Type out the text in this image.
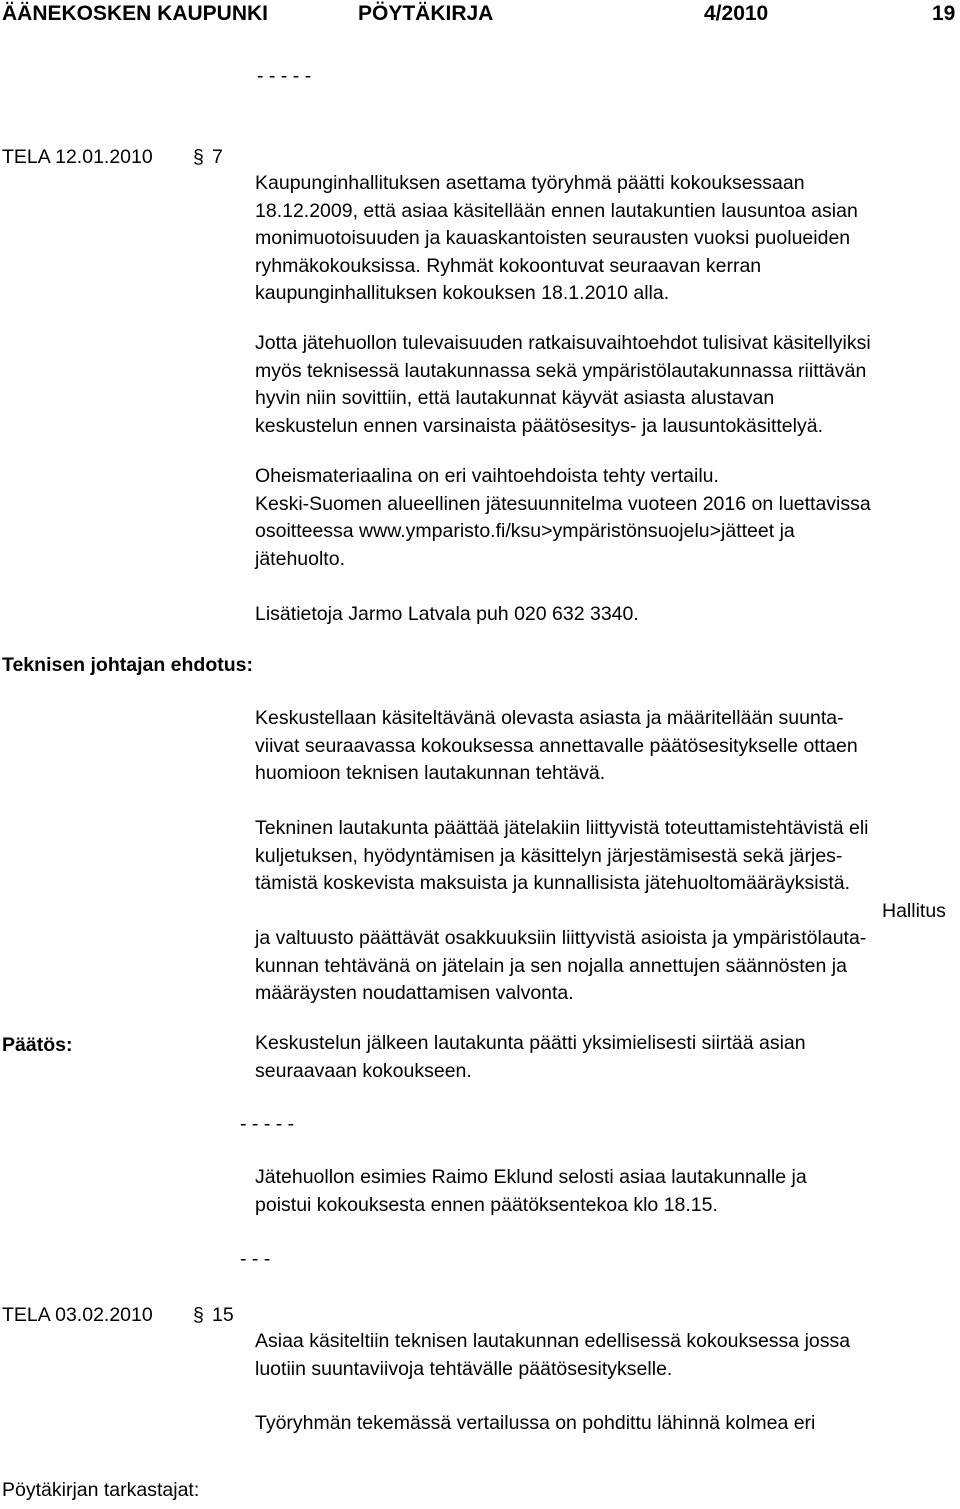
ÄÄNEKOSKEN KAUPUNKI	PÖYTÄKIRJA	4/2010	19
- - - - -
TELA 12.01.2010 § 7
Kaupunginhallituksen asettama työryhmä päätti kokouksessaan
18.12.2009, että asiaa käsitellään ennen lautakuntien lausuntoa asian
monimuotoisuuden ja kauaskantoisten seurausten vuoksi puolueiden
ryhmäkokouksissa. Ryhmät kokoontuvat seuraavan kerran
kaupunginhallituksen kokouksen 18.1.2010 alla.
Jotta jätehuollon tulevaisuuden ratkaisuvaihtoehdot tulisivat käsitellyiksi
myös teknisessä lautakunnassa sekä ympäristölautakunnassa riittävän
hyvin niin sovittiin, että lautakunnat käyvät asiasta alustavan
keskustelun ennen varsinaista päätösesitys- ja lausuntokäsittelyä.
Oheismateriaalina on eri vaihtoehdoista tehty vertailu.
Keski-Suomen alueellinen jätesuunnitelma vuoteen 2016 on luettavissa
osoitteessa www.ymparisto.fi/ksu>ympäristönsuojelu>jätteet ja
jätehuolto.
Lisätietoja Jarmo Latvala puh 020 632 3340.
Teknisen johtajan ehdotus:
Keskustellaan käsiteltävänä olevasta asiasta ja määritellään suunta-
viivat seuraavassa kokouksessa annettavalle päätösesitykselle ottaen
huomioon teknisen lautakunnan tehtävä.
Tekninen lautakunta päättää jätelakiin liittyvistä toteuttamistehtävistä eli
kuljetuksen, hyödyntämisen ja käsittelyn järjestämisestä sekä järjes-
tämistä koskevista maksuista ja kunnallisista jätehuoltomääräyksistä.
Hallitus
ja valtuusto päättävät osakkuuksiin liittyvistä asioista ja ympäristölauta-
kunnan tehtävänä on jätelain ja sen nojalla annettujen säännösten ja
määräysten noudattamisen valvonta.
Päätös:	Keskustelun jälkeen lautakunta päätti yksimielisesti siirtää asian
seuraavaan kokoukseen.
- - - - -
Jätehuollon esimies Raimo Eklund selosti asiaa lautakunnalle ja
poistui kokouksesta ennen päätöksentekoa klo 18.15.
- - -
TELA 03.02.2010 § 15
Asiaa käsiteltiin teknisen lautakunnan edellisessä kokouksessa jossa
luotiin suuntaviivoja tehtävälle päätösesitykselle.
Työryhmän tekemässä vertailussa on pohdittu lähinnä kolmea eri
Pöytäkirjan tarkastajat:
